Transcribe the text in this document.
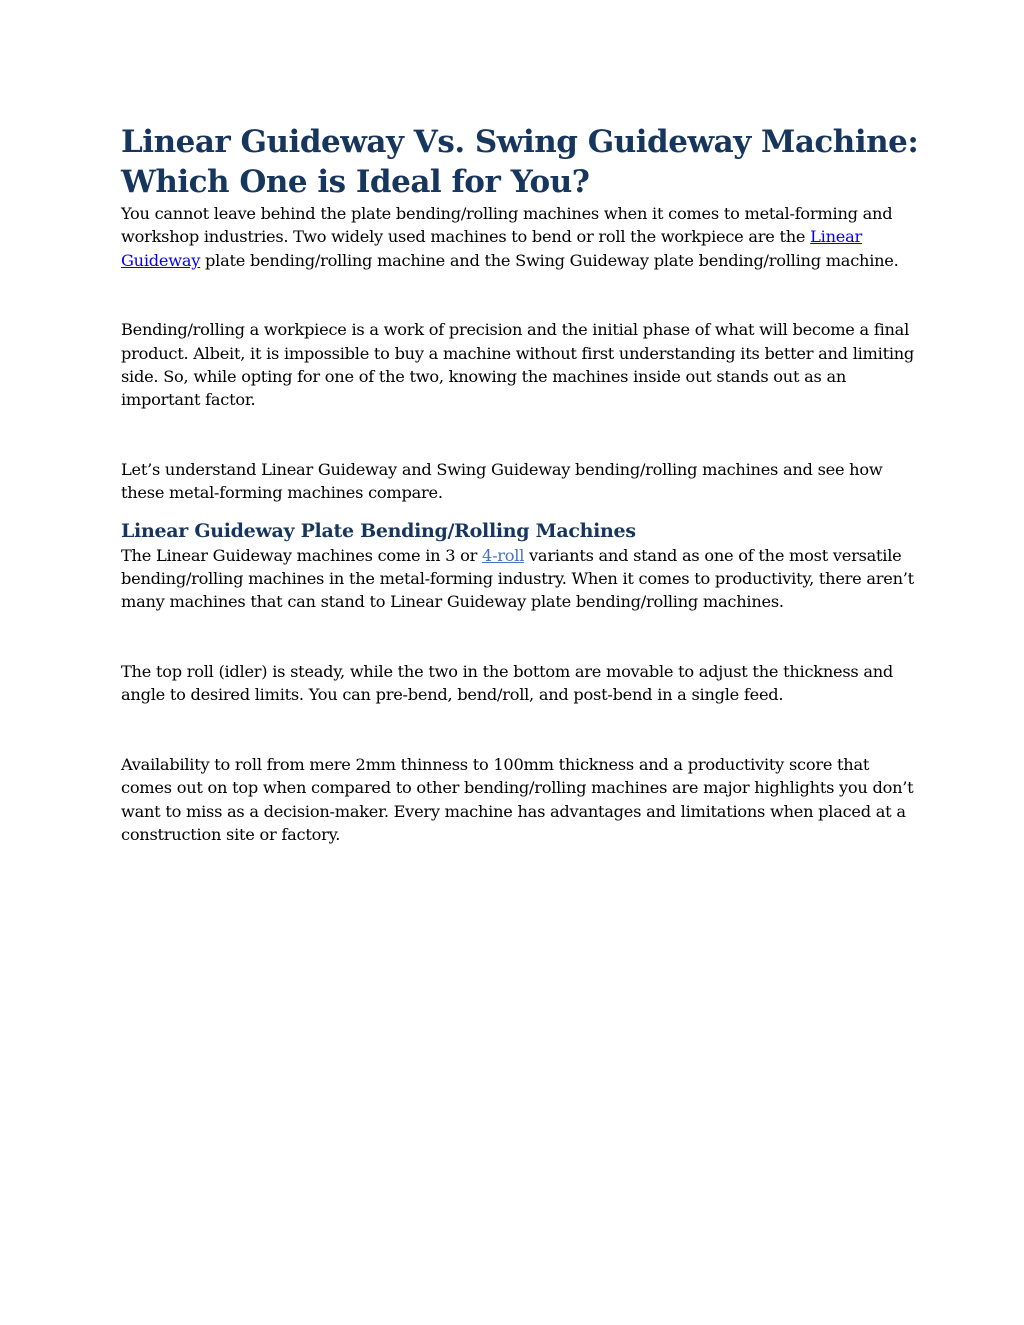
Linear Guideway Vs. Swing Guideway Machine: Which One is Ideal for You?

You cannot leave behind the plate bending/rolling machines when it comes to metal-forming and workshop industries. Two widely used machines to bend or roll the workpiece are the Linear Guideway plate bending/rolling machine and the Swing Guideway plate bending/rolling machine.

Bending/rolling a workpiece is a work of precision and the initial phase of what will become a final product. Albeit, it is impossible to buy a machine without first understanding its better and limiting side. So, while opting for one of the two, knowing the machines inside out stands out as an important factor.

Let’s understand Linear Guideway and Swing Guideway bending/rolling machines and see how these metal-forming machines compare.

Linear Guideway Plate Bending/Rolling Machines

The Linear Guideway machines come in 3 or 4-roll variants and stand as one of the most versatile bending/rolling machines in the metal-forming industry. When it comes to productivity, there aren’t many machines that can stand to Linear Guideway plate bending/rolling machines.

The top roll (idler) is steady, while the two in the bottom are movable to adjust the thickness and angle to desired limits. You can pre-bend, bend/roll, and post-bend in a single feed.

Availability to roll from mere 2mm thinness to 100mm thickness and a productivity score that comes out on top when compared to other bending/rolling machines are major highlights you don’t want to miss as a decision-maker. Every machine has advantages and limitations when placed at a construction site or factory.
